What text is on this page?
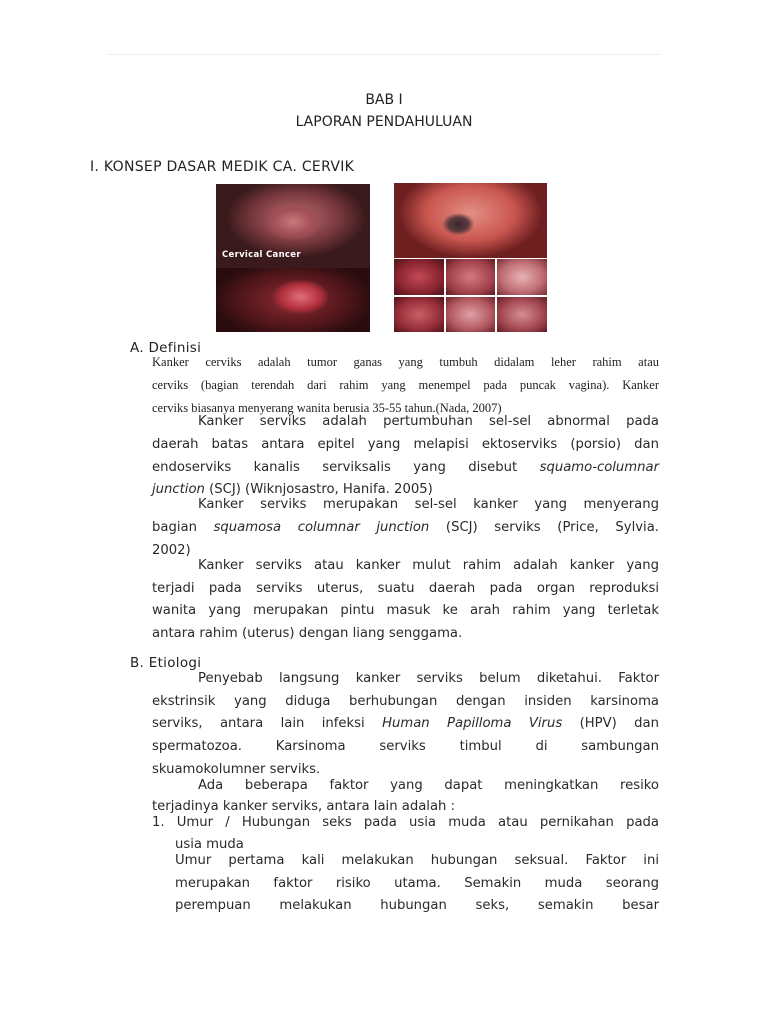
BAB I
LAPORAN PENDAHULUAN
I. KONSEP DASAR MEDIK CA. CERVIK
Cervical Cancer
A. Definisi
Kanker cerviks adalah tumor ganas yang tumbuh didalam leher rahim atau
cerviks (bagian terendah dari rahim yang menempel pada puncak vagina). Kanker
cerviks biasanya menyerang wanita berusia 35-55 tahun.(Nada, 2007)
Kanker serviks adalah pertumbuhan sel-sel abnormal pada
daerah batas antara epitel yang melapisi ektoserviks (porsio) dan
endoserviks kanalis serviksalis yang disebut squamo-columnar
junction (SCJ) (Wiknjosastro, Hanifa. 2005)
Kanker serviks merupakan sel-sel kanker yang menyerang
bagian squamosa columnar junction (SCJ) serviks (Price, Sylvia.
2002)
Kanker serviks atau kanker mulut rahim adalah kanker yang
terjadi pada serviks uterus, suatu daerah pada organ reproduksi
wanita yang merupakan pintu masuk ke arah rahim yang terletak
antara rahim (uterus) dengan liang senggama.
B. Etiologi
Penyebab langsung kanker serviks belum diketahui. Faktor
ekstrinsik yang diduga berhubungan dengan insiden karsinoma
serviks, antara lain infeksi Human Papilloma Virus (HPV) dan
spermatozoa. Karsinoma serviks timbul di sambungan
skuamokolumner serviks.
Ada beberapa faktor yang dapat meningkatkan resiko
terjadinya kanker serviks, antara lain adalah :
1. Umur / Hubungan seks pada usia muda atau pernikahan pada
usia muda
Umur pertama kali melakukan hubungan seksual. Faktor ini
merupakan faktor risiko utama. Semakin muda seorang
perempuan melakukan hubungan seks, semakin besar
